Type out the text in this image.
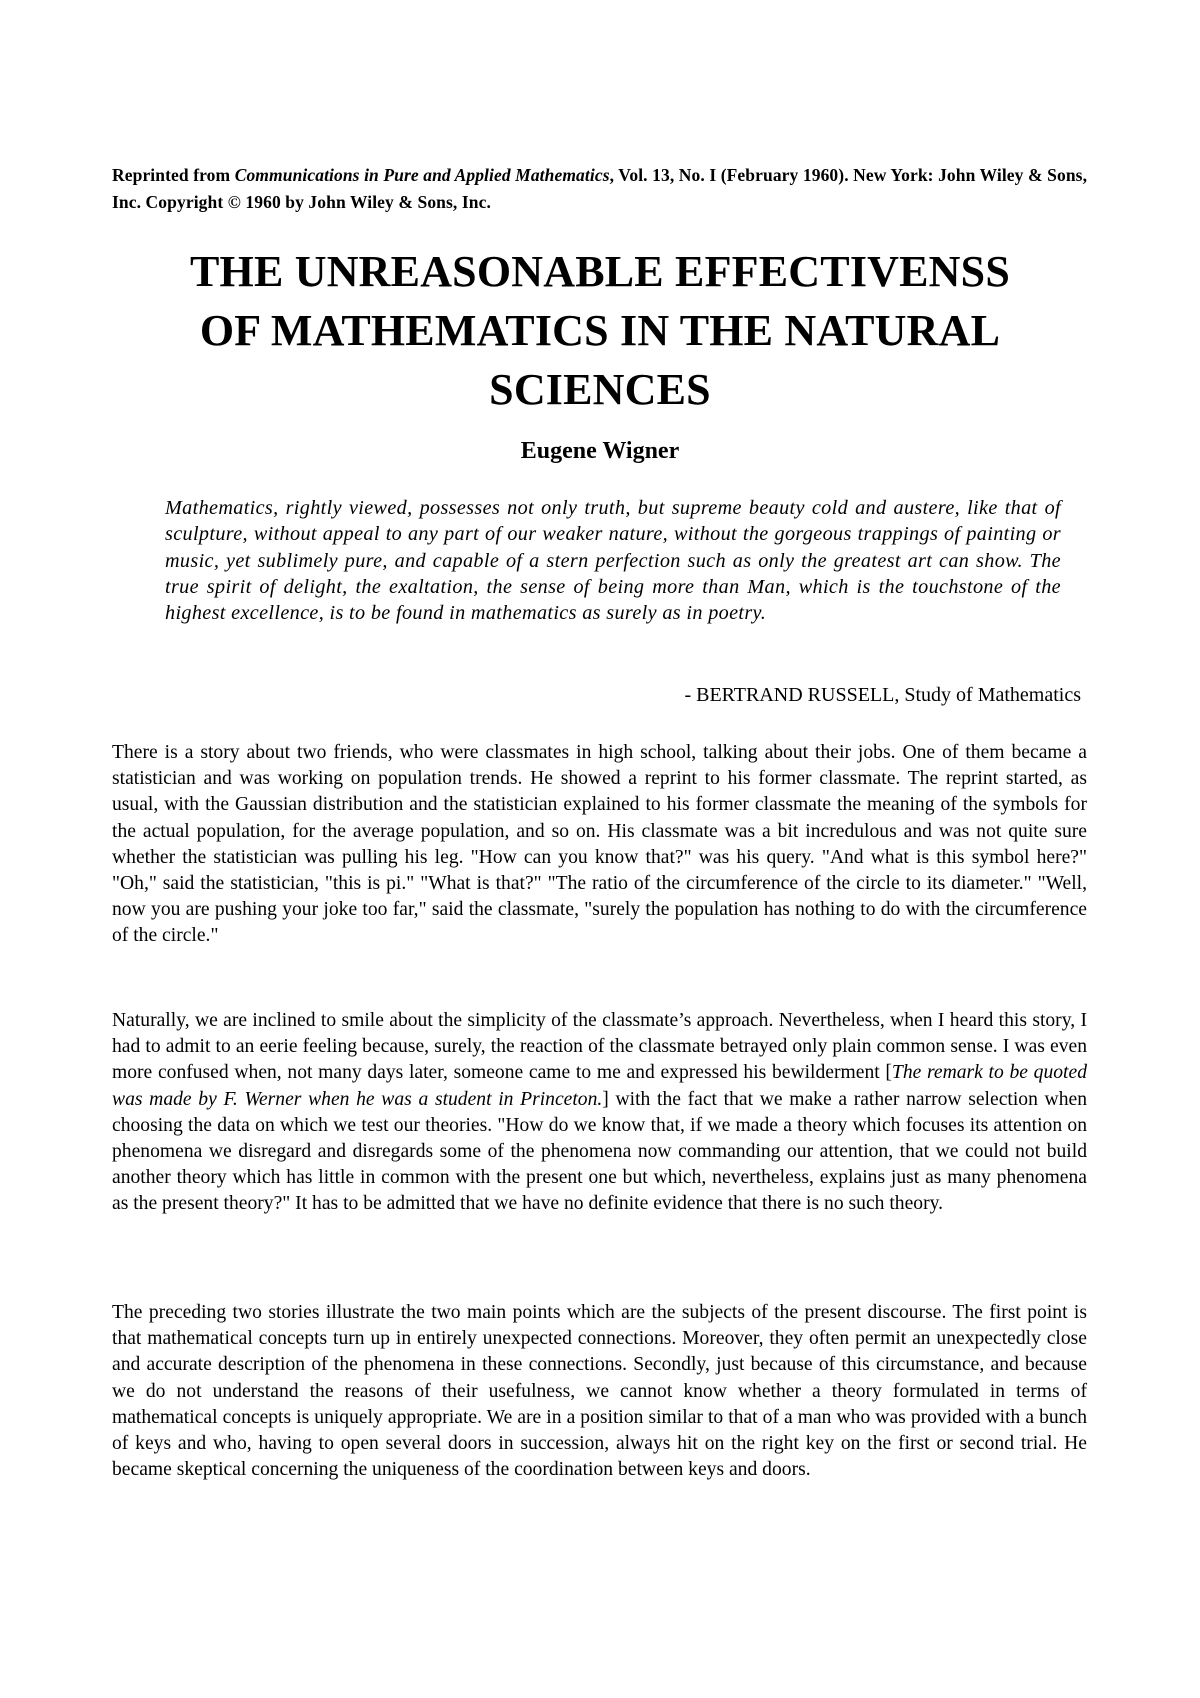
Reprinted from Communications in Pure and Applied Mathematics, Vol. 13, No. I (February 1960). New York: John Wiley & Sons, Inc. Copyright © 1960 by John Wiley & Sons, Inc.
THE UNREASONABLE EFFECTIVENSS
OF MATHEMATICS IN THE NATURAL
SCIENCES
Eugene Wigner

Mathematics, rightly viewed, possesses not only truth, but supreme beauty cold and austere, like that of sculpture, without appeal to any part of our weaker nature, without the gorgeous trappings of painting or music, yet sublimely pure, and capable of a stern perfection such as only the greatest art can show. The true spirit of delight, the exaltation, the sense of being more than Man, which is the touchstone of the highest excellence, is to be found in mathematics as surely as in poetry.

- BERTRAND RUSSELL, Study of Mathematics

There is a story about two friends, who were classmates in high school, talking about their jobs. One of them became a statistician and was working on population trends. He showed a reprint to his former classmate. The reprint started, as usual, with the Gaussian distribution and the statistician explained to his former classmate the meaning of the symbols for the actual population, for the average population, and so on. His classmate was a bit incredulous and was not quite sure whether the statistician was pulling his leg. "How can you know that?" was his query. "And what is this symbol here?" "Oh," said the statistician, "this is pi." "What is that?" "The ratio of the circumference of the circle to its diameter." "Well, now you are pushing your joke too far," said the classmate, "surely the population has nothing to do with the circumference of the circle."

Naturally, we are inclined to smile about the simplicity of the classmate’s approach. Nevertheless, when I heard this story, I had to admit to an eerie feeling because, surely, the reaction of the classmate betrayed only plain common sense. I was even more confused when, not many days later, someone came to me and expressed his bewilderment [The remark to be quoted was made by F. Werner when he was a student in Princeton.] with the fact that we make a rather narrow selection when choosing the data on which we test our theories. "How do we know that, if we made a theory which focuses its attention on phenomena we disregard and disregards some of the phenomena now commanding our attention, that we could not build another theory which has little in common with the present one but which, nevertheless, explains just as many phenomena as the present theory?" It has to be admitted that we have no definite evidence that there is no such theory.

The preceding two stories illustrate the two main points which are the subjects of the present discourse. The first point is that mathematical concepts turn up in entirely unexpected connections. Moreover, they often permit an unexpectedly close and accurate description of the phenomena in these connections. Secondly, just because of this circumstance, and because we do not understand the reasons of their usefulness, we cannot know whether a theory formulated in terms of mathematical concepts is uniquely appropriate. We are in a position similar to that of a man who was provided with a bunch of keys and who, having to open several doors in succession, always hit on the right key on the first or second trial. He became skeptical concerning the uniqueness of the coordination between keys and doors.
